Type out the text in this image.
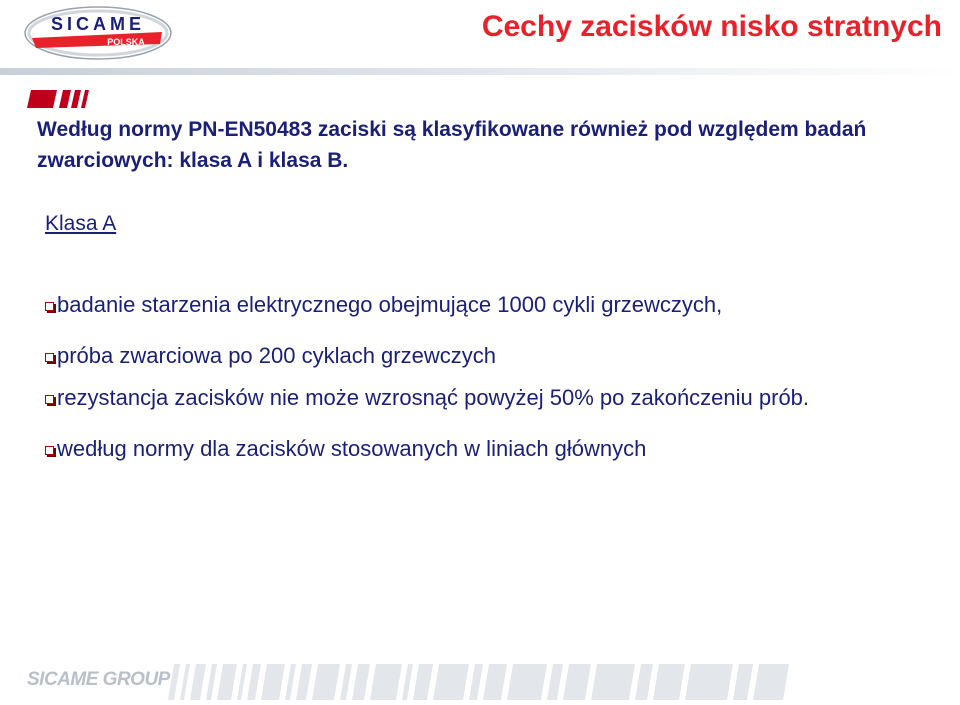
SICAME
POLSKA	Cechy zacisków nisko stratnych

Według normy PN-EN50483 zaciski są klasyfikowane również pod względem badań zwarciowych: klasa A i klasa B.

Klasa A

badanie starzenia elektrycznego obejmujące 1000 cykli grzewczych,
próba zwarciowa po 200 cyklach grzewczych
rezystancja zacisków nie może wzrosnąć powyżej 50% po zakończeniu prób.
według normy dla zacisków stosowanych w liniach głównych

SICAME GROUP
